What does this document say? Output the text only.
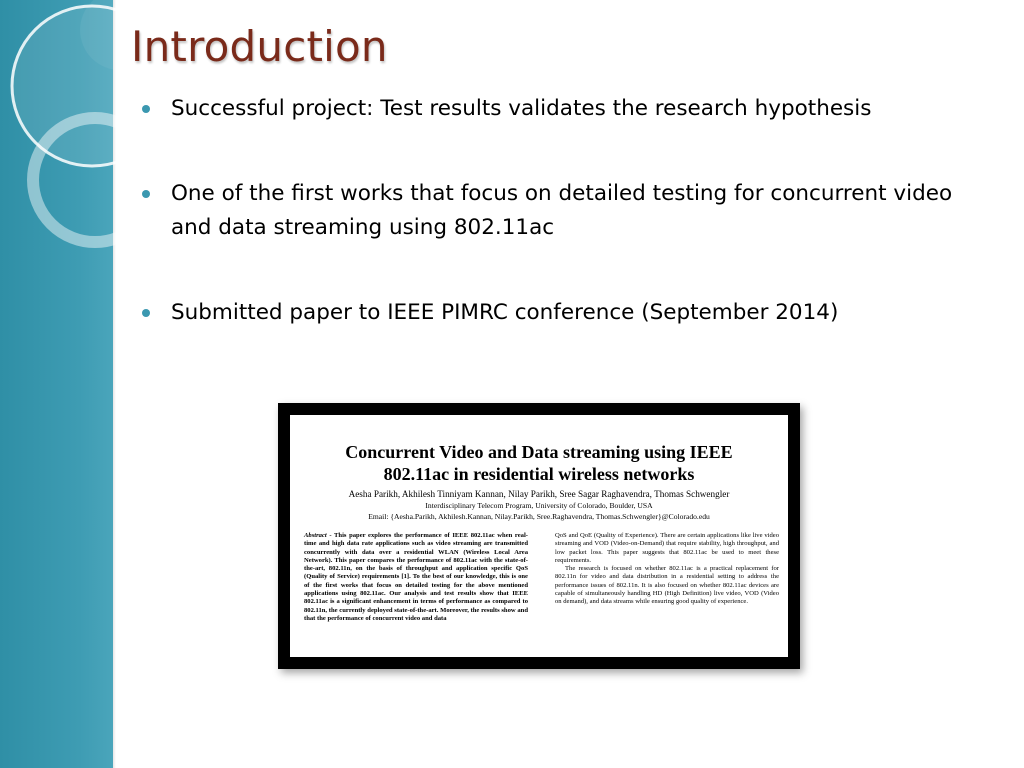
Introduction
Successful project: Test results validates the research hypothesis
One of the first works that focus on detailed testing for concurrent video and data streaming using 802.11ac
Submitted paper to IEEE PIMRC conference (September 2014)
Concurrent Video and Data streaming using IEEE
802.11ac in residential wireless networks
Aesha Parikh, Akhilesh Tinniyam Kannan, Nilay Parikh, Sree Sagar Raghavendra, Thomas Schwengler
Interdisciplinary Telecom Program, University of Colorado, Boulder, USA
Email: {Aesha.Parikh, Akhilesh.Kannan, Nilay.Parikh, Sree.Raghavendra, Thomas.Schwengler}@Colorado.edu

Abstract - This paper explores the performance of IEEE 802.11ac when real-time and high data rate applications such as video streaming are transmitted concurrently with data over a residential WLAN (Wireless Local Area Network). This paper compares the performance of 802.11ac with the state-of-the-art, 802.11n, on the basis of throughput and application specific QoS (Quality of Service) requirements [1]. To the best of our knowledge, this is one of the first works that focus on detailed testing for the above mentioned applications using 802.11ac. Our analysis and test results show that IEEE 802.11ac is a significant enhancement in terms of performance as compared to 802.11n, the currently deployed state-of-the-art. Moreover, the results show and that the performance of concurrent video and data

QoS and QoE (Quality of Experience). There are certain applications like live video streaming and VOD (Video-on-Demand) that require stability, high throughput, and low packet loss. This paper suggests that 802.11ac be used to meet these requirements.

The research is focused on whether 802.11ac is a practical replacement for 802.11n for video and data distribution in a residential setting to address the performance issues of 802.11n. It is also focused on whether 802.11ac devices are capable of simultaneously handling HD (High Definition) live video, VOD (Video on demand), and data streams while ensuring good quality of experience.
